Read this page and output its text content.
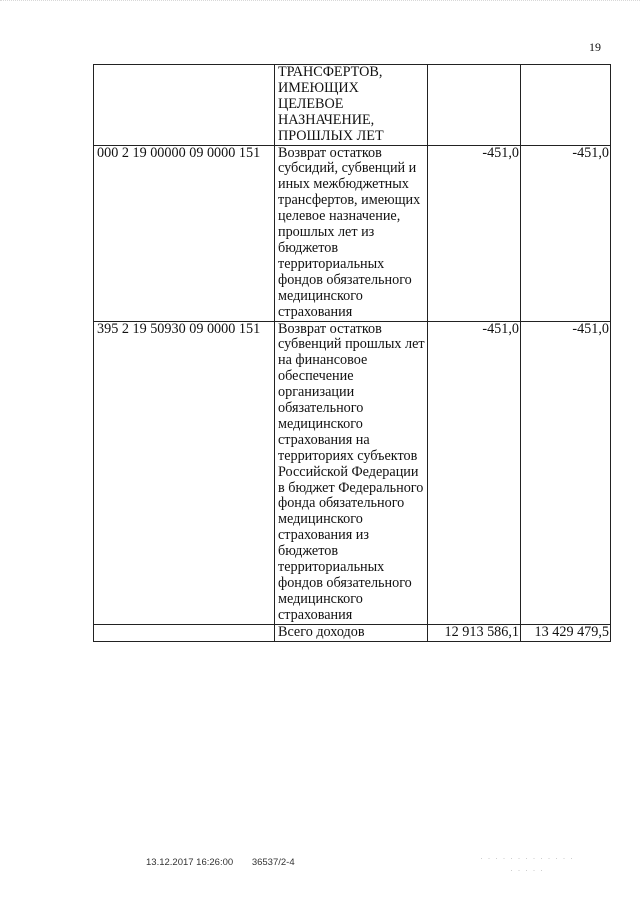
19

	ТРАНСФЕРТОВ, ИМЕЮЩИХ ЦЕЛЕВОЕ НАЗНАЧЕНИЕ, ПРОШЛЫХ ЛЕТ		

000 2 19 00000 09 0000 151	Возврат остатков субсидий, субвенций и иных межбюджетных трансфертов, имеющих целевое назначение, прошлых лет из бюджетов территориальных фондов обязательного медицинского страхования	-451,0	-451,0
395 2 19 50930 09 0000 151	Возврат остатков субвенций прошлых лет на финансовое обеспечение организации обязательного медицинского страхования на территориях субъектов Российской Федерации в бюджет Федерального фонда обязательного медицинского страхования из бюджетов территориальных фондов обязательного медицинского страхования	-451,0	-451,0
	Всего доходов	12 913 586,1	13 429 479,5
13.12.2017 16:26:00 36537/2-4	· · · · · · · · · · · · ·
· · · · ·
